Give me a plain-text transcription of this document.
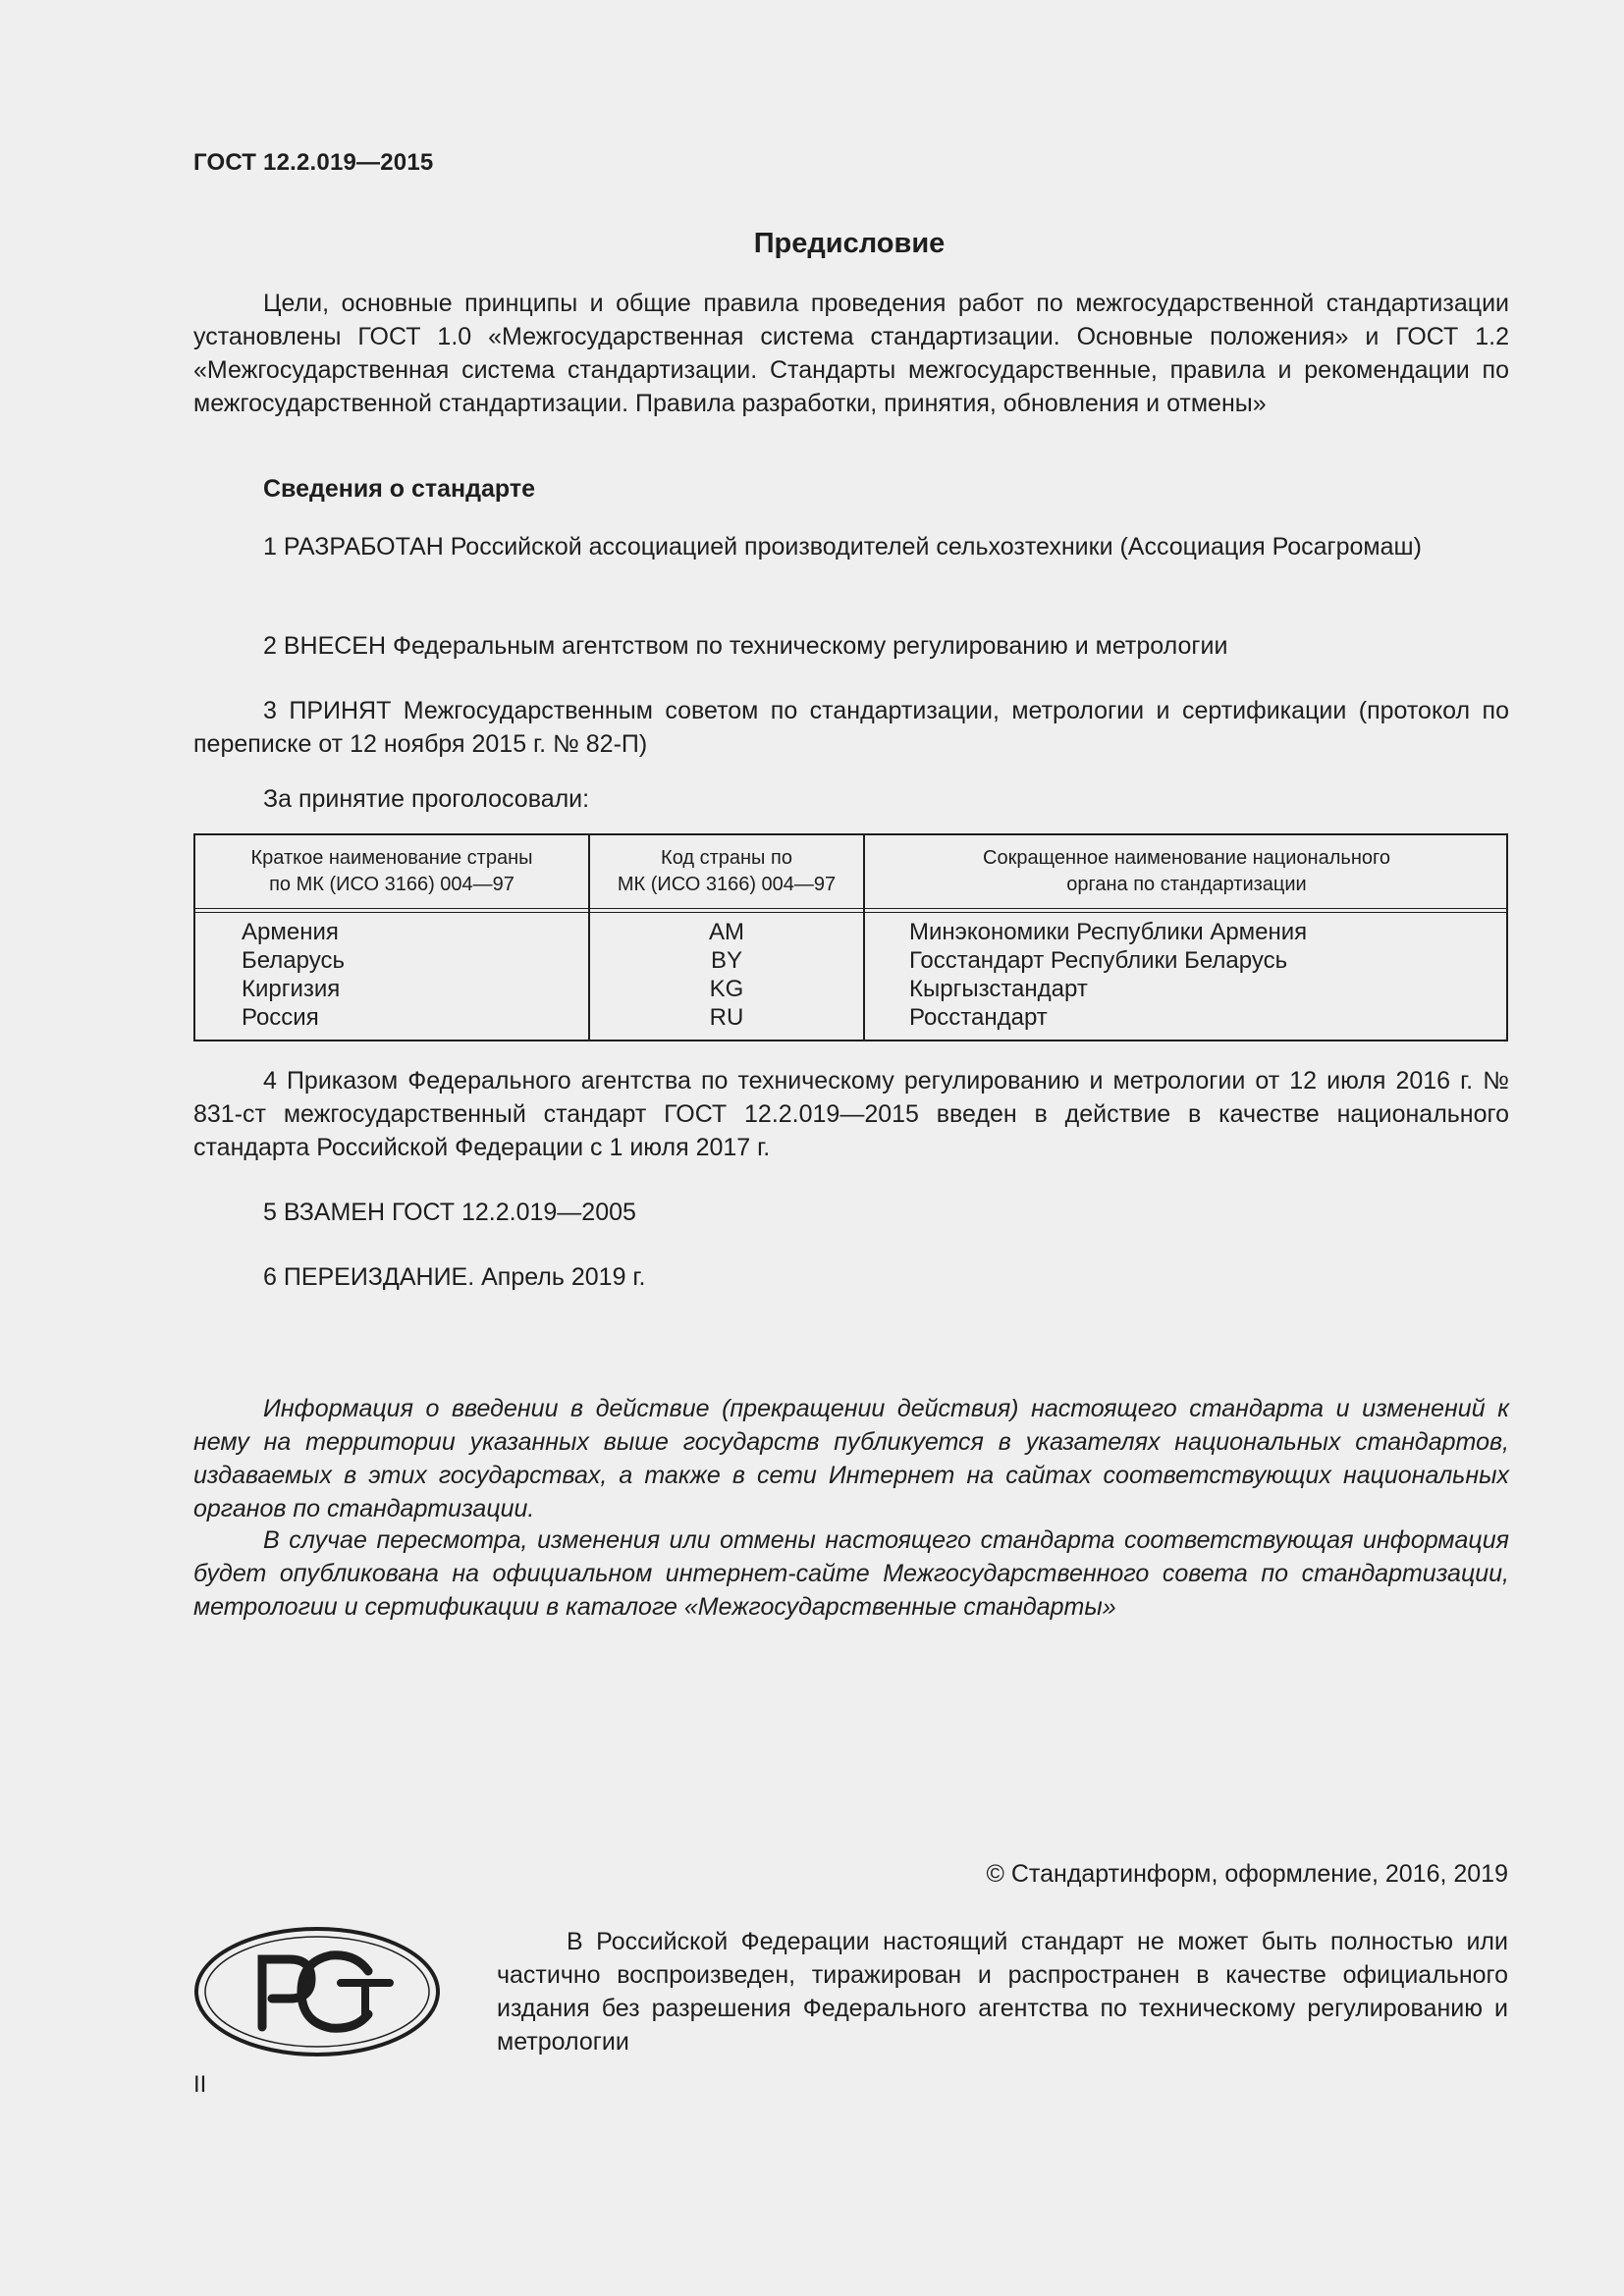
ГОСТ 12.2.019—2015
Предисловие

Цели, основные принципы и общие правила проведения работ по межгосударственной стандартизации установлены ГОСТ 1.0 «Межгосударственная система стандартизации. Основные положения» и ГОСТ 1.2 «Межгосударственная система стандартизации. Стандарты межгосударственные, правила и рекомендации по межгосударственной стандартизации. Правила разработки, принятия, обновления и отмены»

Сведения о стандарте

1 РАЗРАБОТАН Российской ассоциацией производителей сельхозтехники (Ассоциация Росагромаш)

2 ВНЕСЕН Федеральным агентством по техническому регулированию и метрологии

3 ПРИНЯТ Межгосударственным советом по стандартизации, метрологии и сертификации (протокол по переписке от 12 ноября 2015 г. № 82-П)

За принятие проголосовали:

Краткое наименование страны
по МК (ИСО 3166) 004—97
Код страны по
МК (ИСО 3166) 004—97
Сокращенное наименование национального
органа по стандартизации
Армения
Беларусь
Киргизия
Россия
AM
BY
KG
RU
Минэкономики Республики Армения
Госстандарт Республики Беларусь
Кыргызстандарт
Росстандарт

4 Приказом Федерального агентства по техническому регулированию и метрологии от 12 июля 2016 г. № 831-ст межгосударственный стандарт ГОСТ 12.2.019—2015 введен в действие в качестве национального стандарта Российской Федерации с 1 июля 2017 г.

5 ВЗАМЕН ГОСТ 12.2.019—2005

6 ПЕРЕИЗДАНИЕ. Апрель 2019 г.

Информация о введении в действие (прекращении действия) настоящего стандарта и изменений к нему на территории указанных выше государств публикуется в указателях национальных стандартов, издаваемых в этих государствах, а также в сети Интернет на сайтах соответствующих национальных органов по стандартизации.

В случае пересмотра, изменения или отмены настоящего стандарта соответствующая информация будет опубликована на официальном интернет-сайте Межгосударственного совета по стандартизации, метрологии и сертификации в каталоге «Межгосударственные стандарты»

© Стандартинформ, оформление, 2016, 2019

В Российской Федерации настоящий стандарт не может быть полностью или частично воспроизведен, тиражирован и распространен в качестве официального издания без разрешения Федерального агентства по техническому регулированию и метрологии

II
